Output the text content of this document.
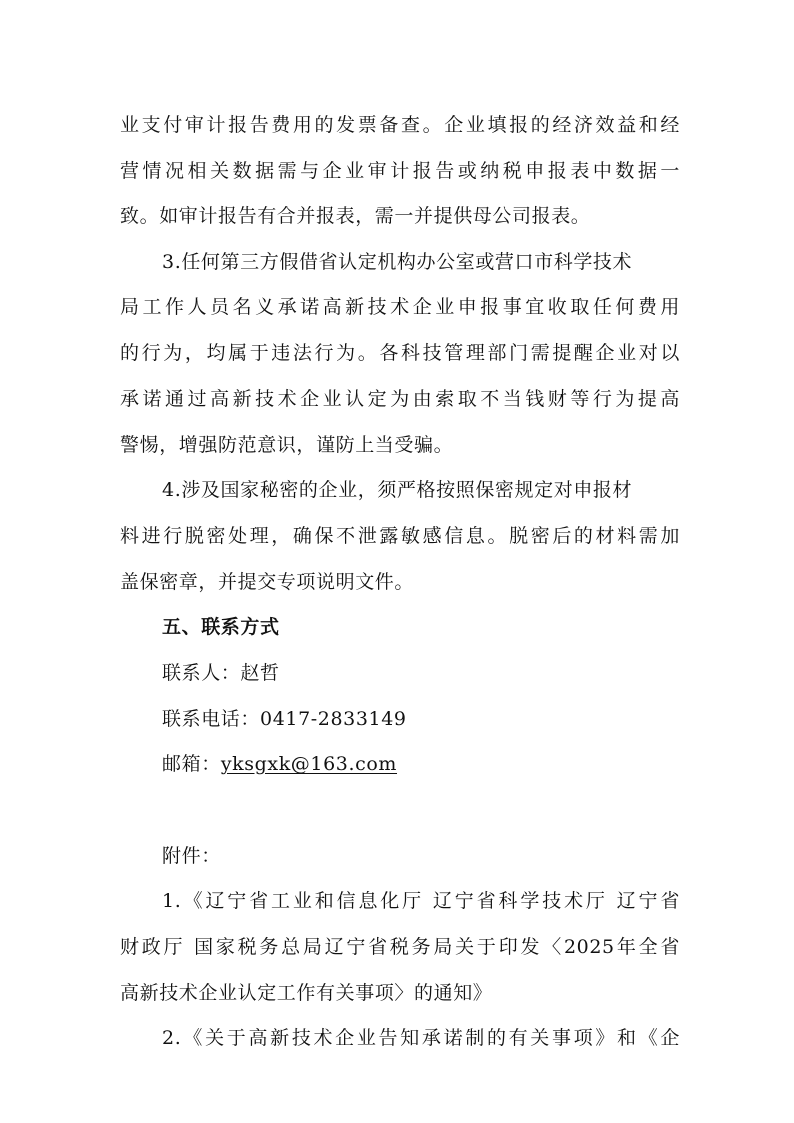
业支付审计报告费用的发票备查。企业填报的经济效益和经
营情况相关数据需与企业审计报告或纳税申报表中数据一
致。如审计报告有合并报表，需一并提供母公司报表。
3.任何第三方假借省认定机构办公室或营口市科学技术
局工作人员名义承诺高新技术企业申报事宜收取任何费用
的行为，均属于违法行为。各科技管理部门需提醒企业对以
承诺通过高新技术企业认定为由索取不当钱财等行为提高
警惕，增强防范意识，谨防上当受骗。
4.涉及国家秘密的企业，须严格按照保密规定对申报材
料进行脱密处理，确保不泄露敏感信息。脱密后的材料需加
盖保密章，并提交专项说明文件。
五、联系方式
联系人：赵哲
联系电话：0417-2833149
邮箱：yksgxk@163.com
附件：
1.《辽宁省工业和信息化厅 辽宁省科学技术厅 辽宁省
财政厅 国家税务总局辽宁省税务局关于印发〈2025年全省
高新技术企业认定工作有关事项〉的通知》
2.《关于高新技术企业告知承诺制的有关事项》和《企
